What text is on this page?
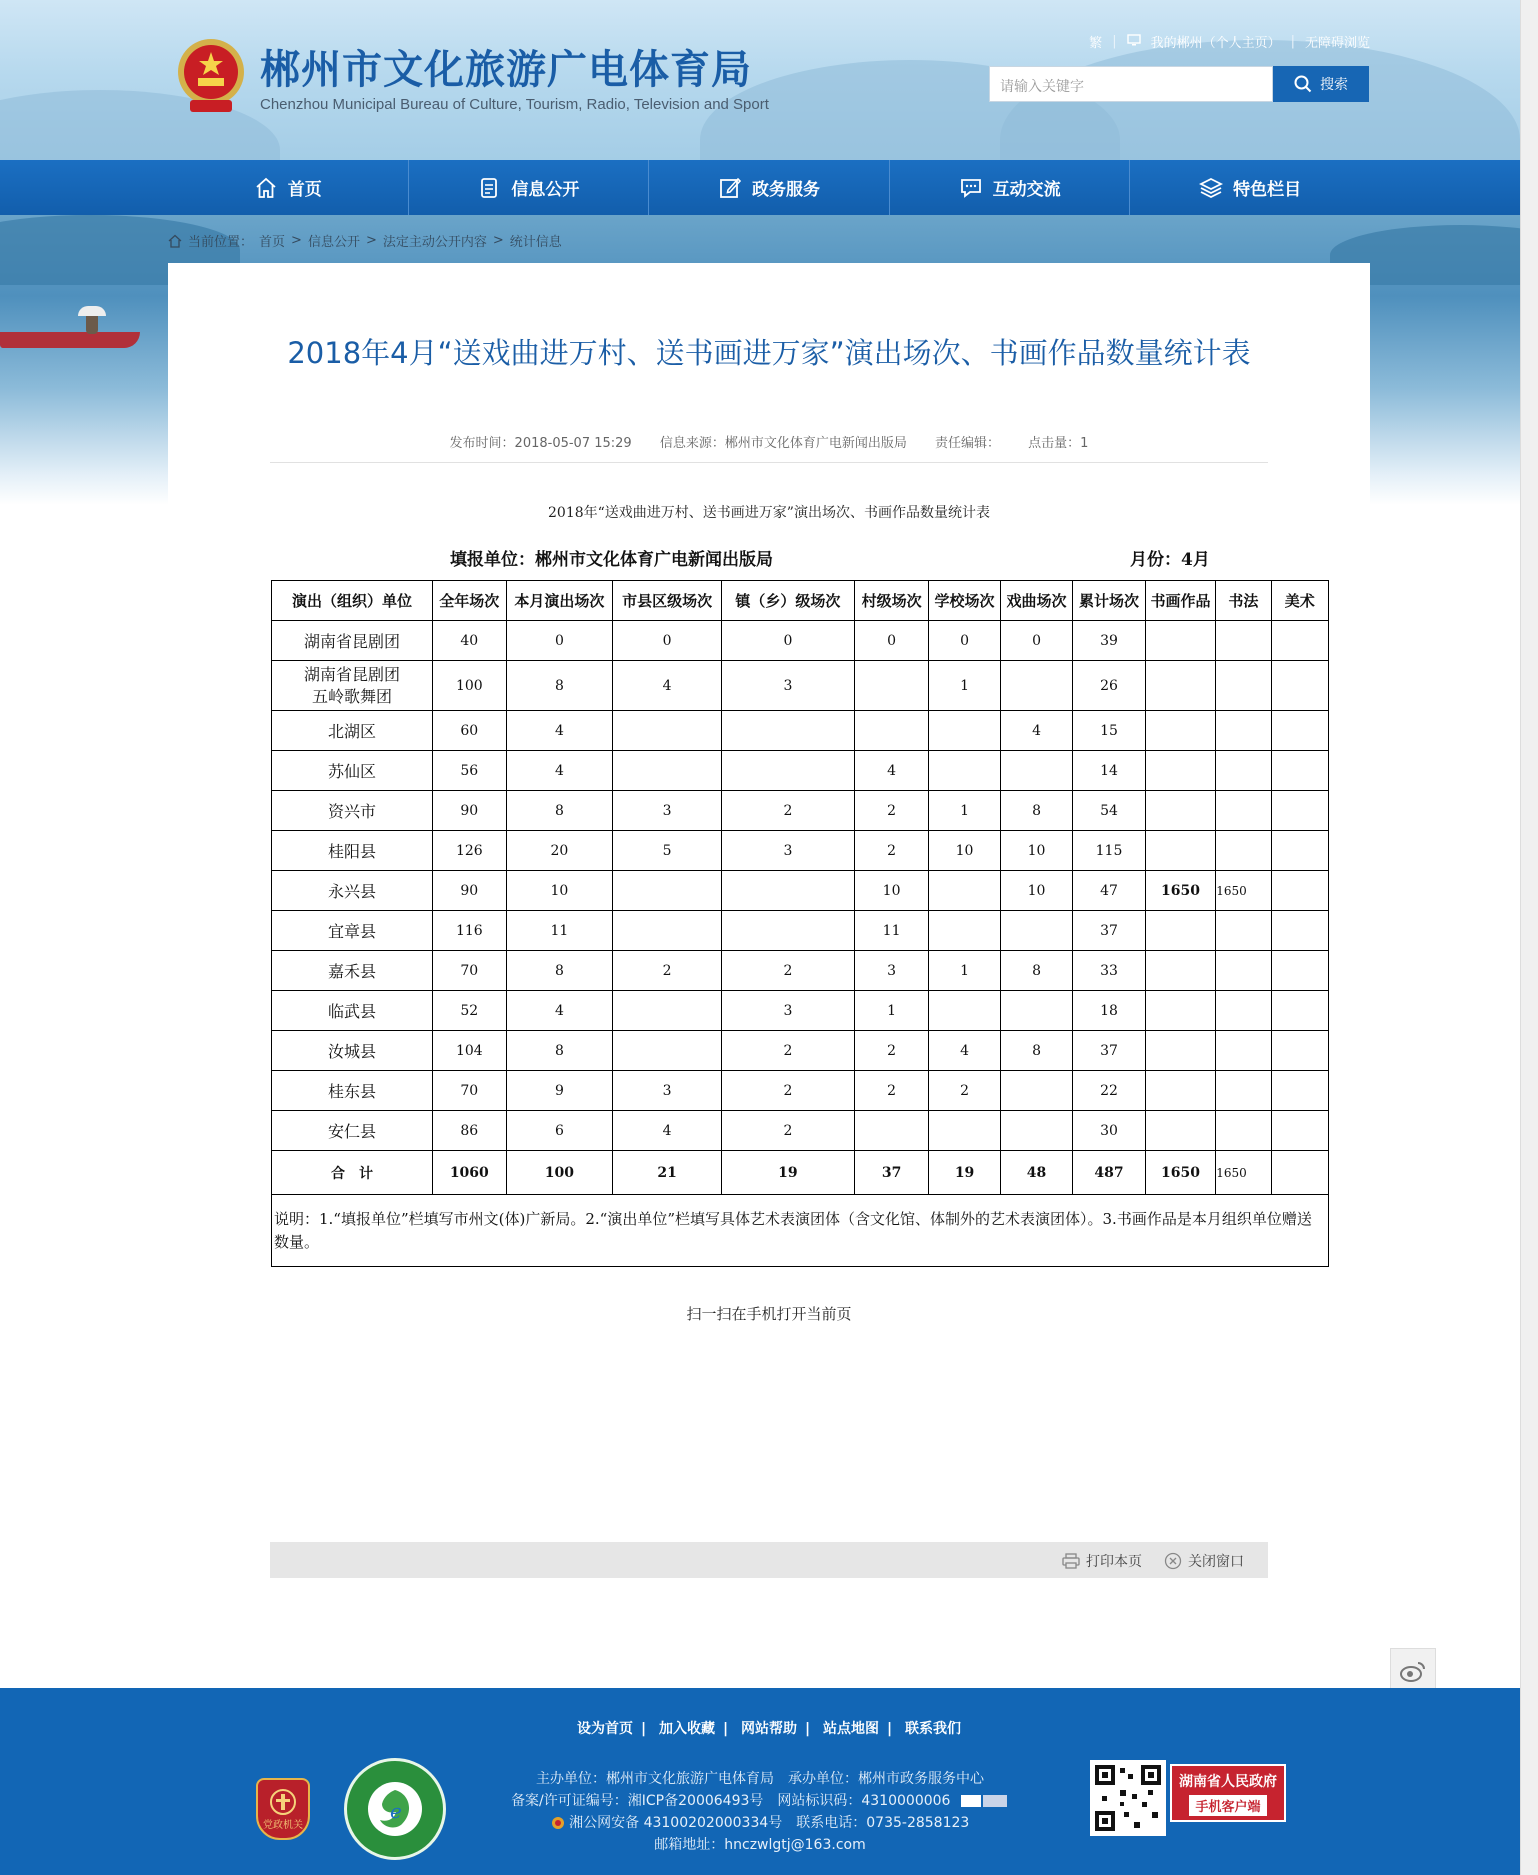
郴州市文化旅游广电体育局
Chenzhou Municipal Bureau of Culture, Tourism, Radio, Television and Sport
繁 |	我的郴州（个人主页） | 无障碍浏览
请输入关键字	搜索
首页	信息公开	政务服务	互动交流	特色栏目
当前位置： 首页 > 信息公开 > 法定主动公开内容 > 统计信息
2018年4月“送戏曲进万村、送书画进万家”演出场次、书画作品数量统计表
发布时间：2018-05-07 15:29 信息来源：郴州市文化体育广电新闻出版局 责任编辑： 点击量：1
2018年“送戏曲进万村、送书画进万家”演出场次、书画作品数量统计表
填报单位：郴州市文化体育广电新闻出版局	月份：4月
演出（组织）单位	全年场次	本月演出场次	市县区级场次	镇（乡）级场次	村级场次	学校场次	戏曲场次	累计场次	书画作品	书法	美术
湖南省昆剧团	40	0	0	0	0	0	0	39			
湖南省昆剧团
五岭歌舞团	100	8	4	3		1		26			
北湖区	60	4					4	15			
苏仙区	56	4			4			14			
资兴市	90	8	3	2	2	1	8	54			
桂阳县	126	20	5	3	2	10	10	115			
永兴县	90	10			10		10	47	1650	1650	
宜章县	116	11			11			37			
嘉禾县	70	8	2	2	3	1	8	33			
临武县	52	4		3	1			18			
汝城县	104	8		2	2	4	8	37			
桂东县	70	9	3	2	2	2		22			
安仁县	86	6	4	2				30			
合　计	1060	100	21	19	37	19	48	487	1650	1650	
说明：1.“填报单位”栏填写市州文(体)广新局。2.“演出单位”栏填写具体艺术表演团体（含文化馆、体制外的艺术表演团体）。3.书画作品是本月组织单位赠送数量。											
扫一扫在手机打开当前页
打印本页	关闭窗口
设为首页 | 加入收藏 | 网站帮助 | 站点地图 | 联系我们
党政机关
e
主办单位：郴州市文化旅游广电体育局　承办单位：郴州市政务服务中心
备案/许可证编号：湘ICP备20006493号　网站标识码：4310000006
湘公网安备 43100202000334号　联系电话：0735-2858123
邮箱地址：hnczwlgtj@163.com
湖南省人民政府
手机客户端
